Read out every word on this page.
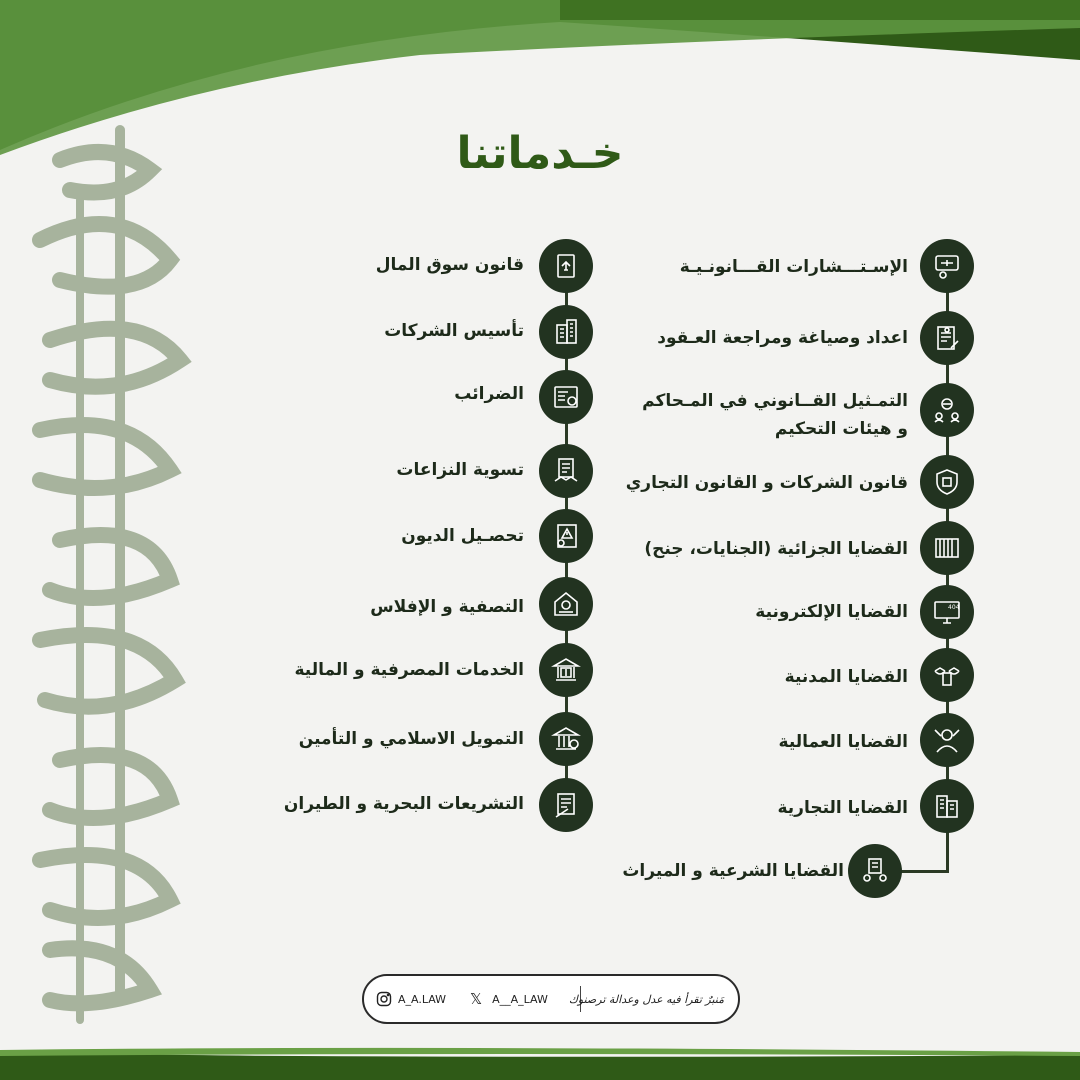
خـدماتنا
قانون سوق المال
تأسيس الشركات
الضرائب
تسوية النزاعات
تحصـيل الديون
التصفية و الإفلاس
الخدمات المصرفية و المالية
التمويل الاسلامي و التأمين
التشريعات البحرية و الطيران
الإسـتـــشارات القـــانونـيـة
اعداد وصياغة ومراجعة العـقود
التمـثيل القــانوني في المـحاكم
و هيئات التحكيم
قانون الشركات و القانون التجاري
القضايا الجزائية (الجنايات، جنح)
404
القضايا الإلكترونية
القضايا المدنية
القضايا العمالية
القضايا التجارية
القضايا الشرعية و الميراث
A_A.LAW 𝕏 A__A_LAW مَنبرٌ تقرأ فيه عدل وعدالة ترصنوك
